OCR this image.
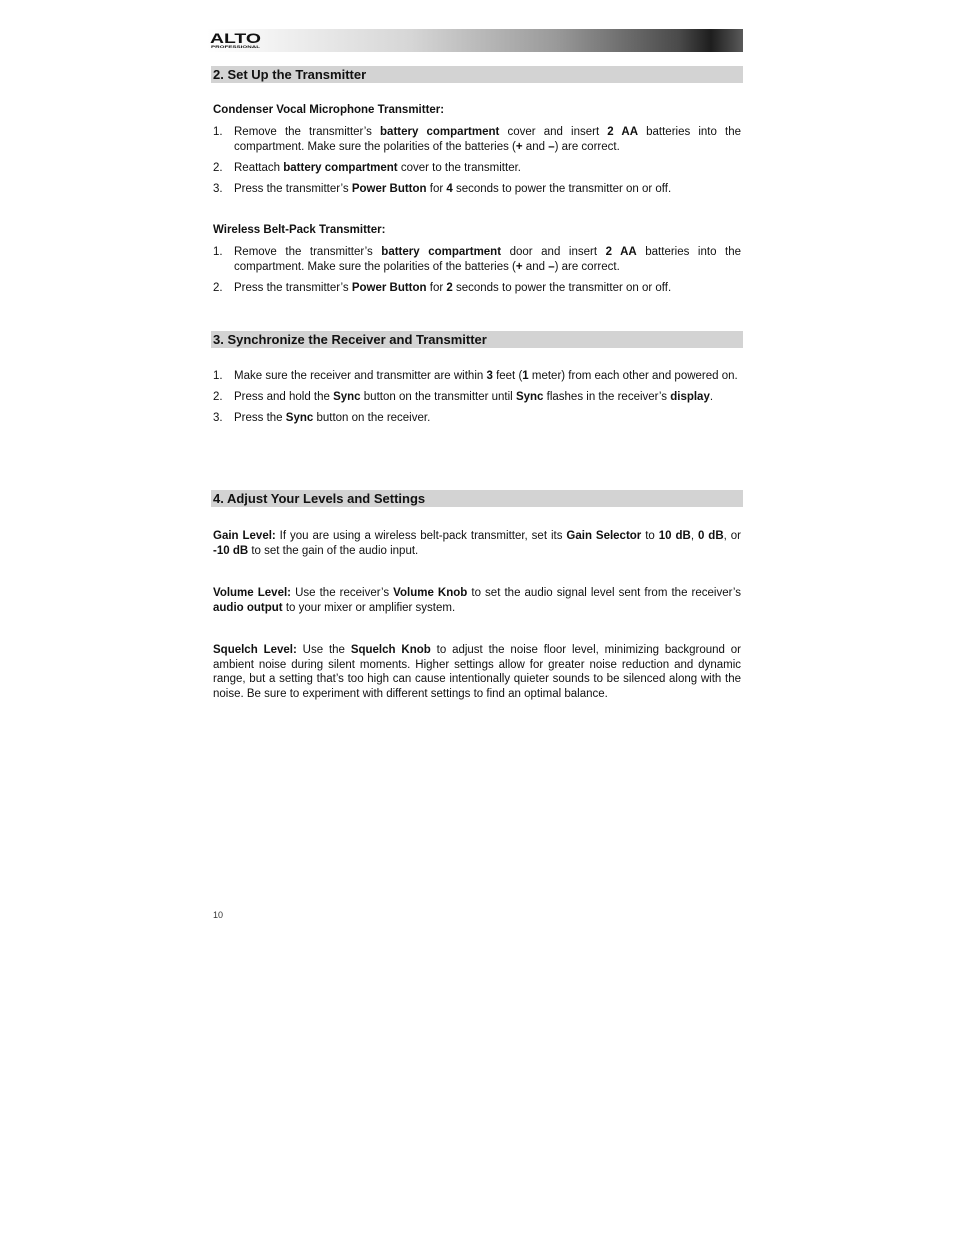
ALTO
PROFESSIONAL
2. Set Up the Transmitter
Condenser Vocal Microphone Transmitter:
1. Remove the transmitter’s battery compartment cover and insert 2 AA batteries into the compartment. Make sure the polarities of the batteries (+ and –) are correct.
2. Reattach battery compartment cover to the transmitter.
3. Press the transmitter’s Power Button for 4 seconds to power the transmitter on or off.
Wireless Belt-Pack Transmitter:
1. Remove the transmitter’s battery compartment door and insert 2 AA batteries into the compartment. Make sure the polarities of the batteries (+ and –) are correct.
2. Press the transmitter’s Power Button for 2 seconds to power the transmitter on or off.
3. Synchronize the Receiver and Transmitter
1. Make sure the receiver and transmitter are within 3 feet (1 meter) from each other and powered on.
2. Press and hold the Sync button on the transmitter until Sync flashes in the receiver’s display.
3. Press the Sync button on the receiver.
4. Adjust Your Levels and Settings
Gain Level: If you are using a wireless belt-pack transmitter, set its Gain Selector to 10 dB, 0 dB, or -10 dB to set the gain of the audio input.
Volume Level: Use the receiver’s Volume Knob to set the audio signal level sent from the receiver’s audio output to your mixer or amplifier system.
Squelch Level: Use the Squelch Knob to adjust the noise floor level, minimizing background or ambient noise during silent moments. Higher settings allow for greater noise reduction and dynamic range, but a setting that’s too high can cause intentionally quieter sounds to be silenced along with the noise. Be sure to experiment with different settings to find an optimal balance.
10
